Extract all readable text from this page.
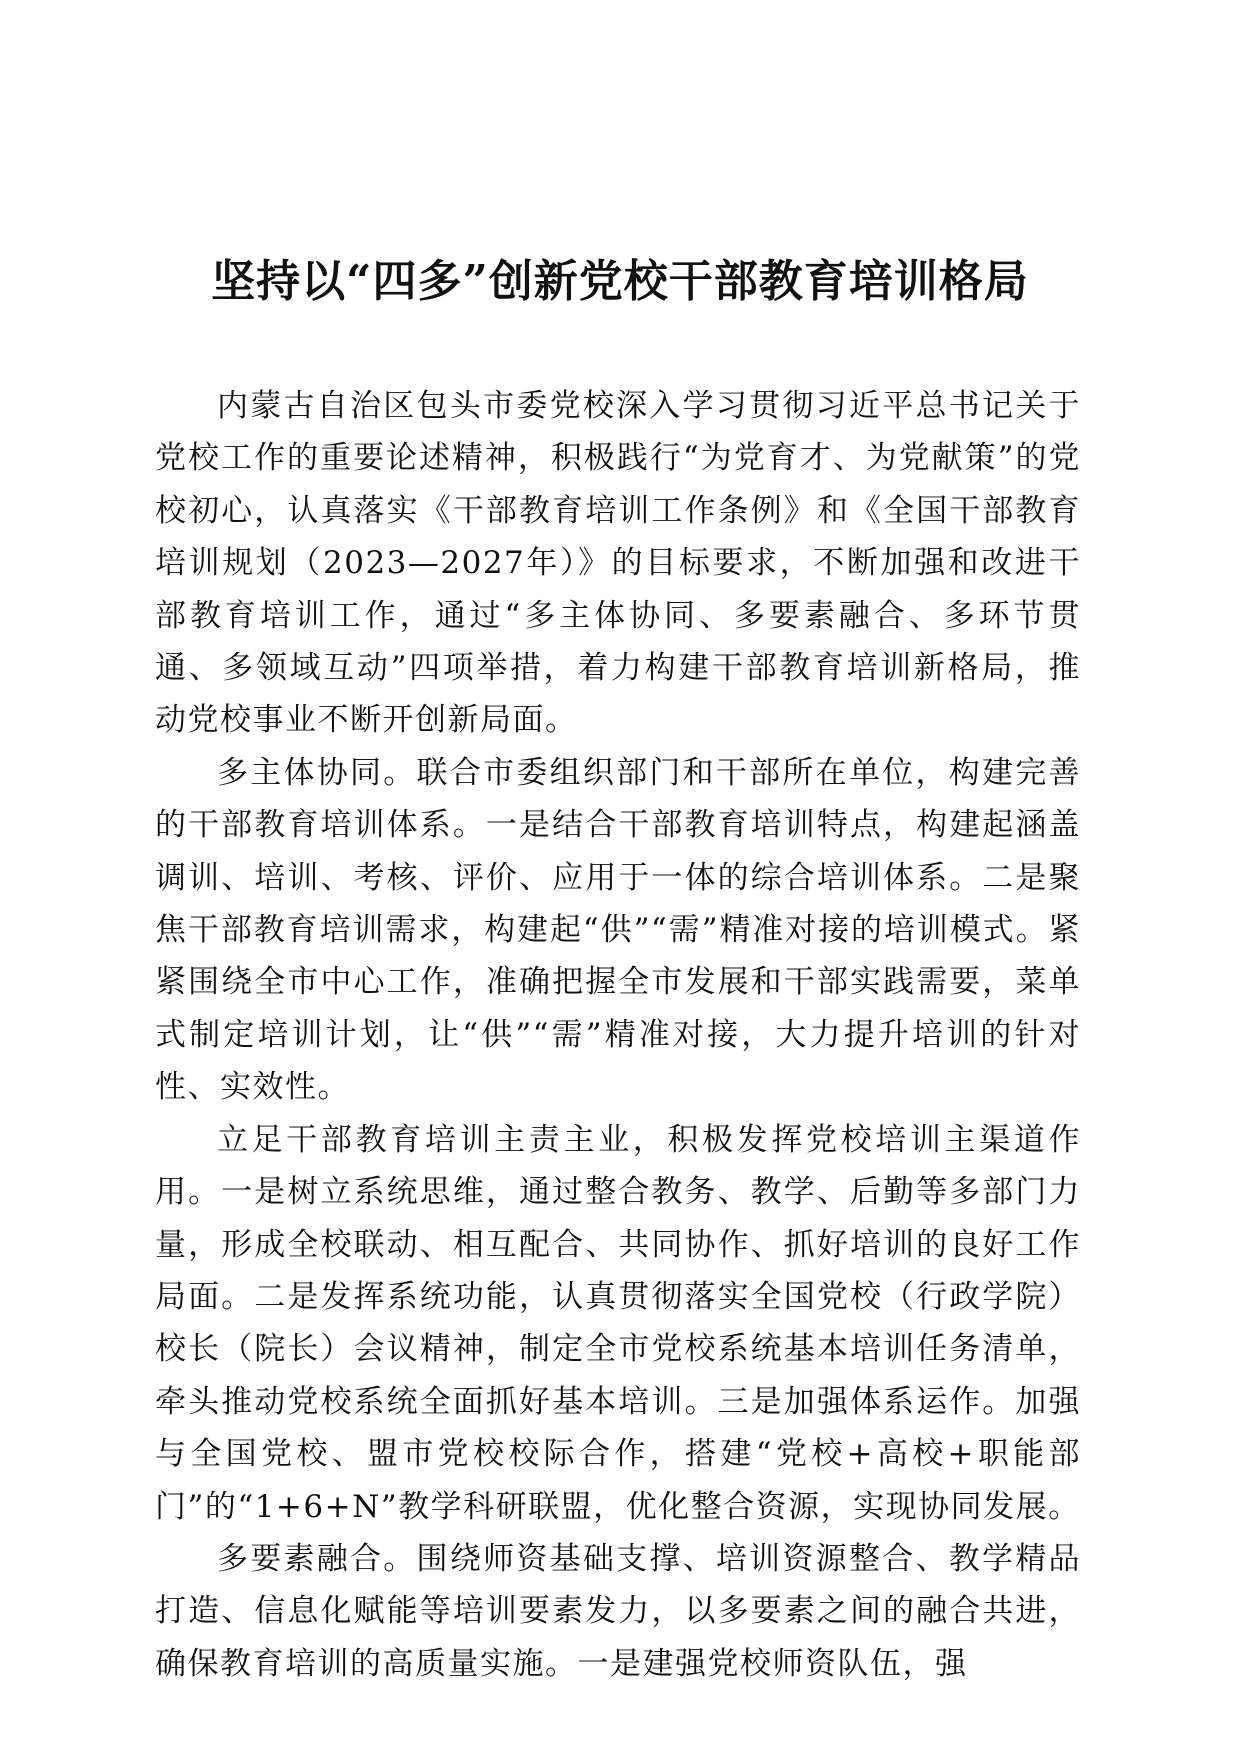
坚持以“四多”创新党校干部教育培训格局

内蒙古自治区包头市委党校深入学习贯彻习近平总书记关于党校工作的重要论述精神，积极践行“为党育才、为党献策”的党校初心，认真落实《干部教育培训工作条例》和《全国干部教育培训规划（2023—2027年）》的目标要求，不断加强和改进干部教育培训工作，通过“多主体协同、多要素融合、多环节贯通、多领域互动”四项举措，着力构建干部教育培训新格局，推动党校事业不断开创新局面。

多主体协同。联合市委组织部门和干部所在单位，构建完善的干部教育培训体系。一是结合干部教育培训特点，构建起涵盖调训、培训、考核、评价、应用于一体的综合培训体系。二是聚焦干部教育培训需求，构建起“供”“需”精准对接的培训模式。紧紧围绕全市中心工作，准确把握全市发展和干部实践需要，菜单式制定培训计划，让“供”“需”精准对接，大力提升培训的针对性、实效性。

立足干部教育培训主责主业，积极发挥党校培训主渠道作用。一是树立系统思维，通过整合教务、教学、后勤等多部门力量，形成全校联动、相互配合、共同协作、抓好培训的良好工作局面。二是发挥系统功能，认真贯彻落实全国党校（行政学院）校长（院长）会议精神，制定全市党校系统基本培训任务清单，牵头推动党校系统全面抓好基本培训。三是加强体系运作。加强与全国党校、盟市党校校际合作，搭建“党校+高校+职能部门”的“1+6+N”教学科研联盟，优化整合资源，实现协同发展。

多要素融合。围绕师资基础支撑、培训资源整合、教学精品打造、信息化赋能等培训要素发力，以多要素之间的融合共进，确保教育培训的高质量实施。一是建强党校师资队伍，强
